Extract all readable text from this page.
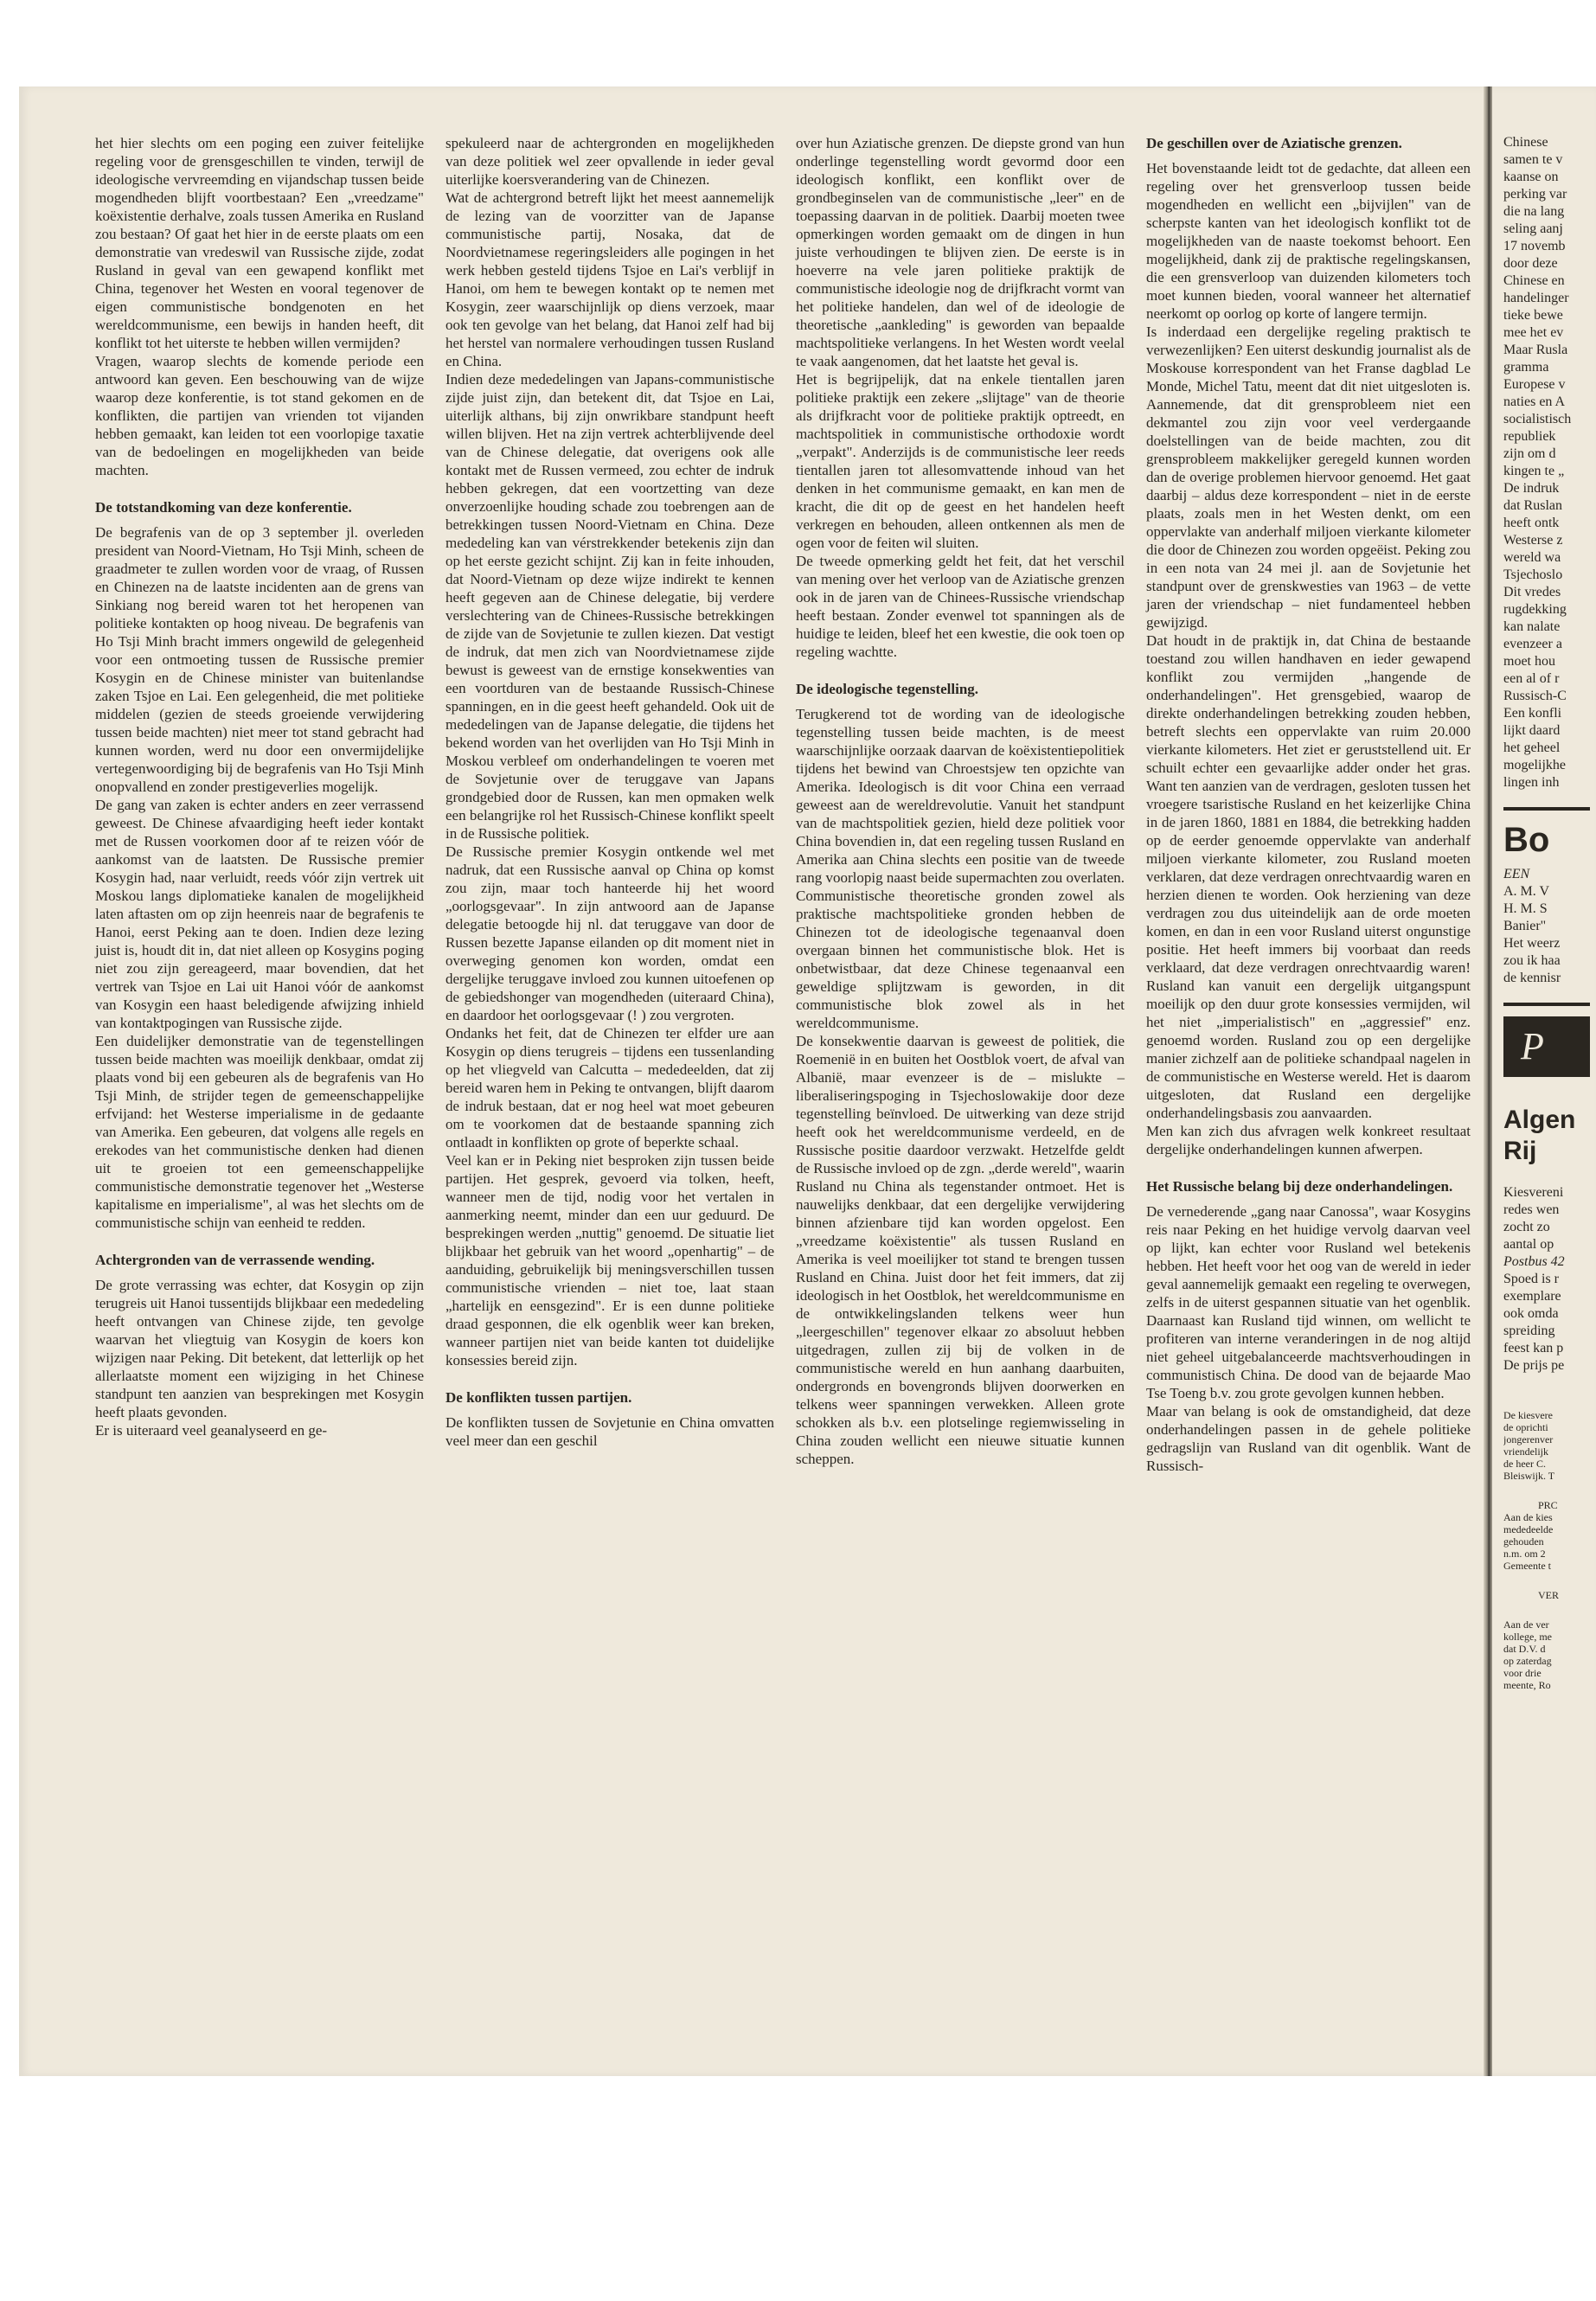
het hier slechts om een poging een zuiver feitelijke regeling voor de grensgeschillen te vinden, terwijl de ideologische vervreemding en vijandschap tussen beide mogendheden blijft voortbestaan? Een „vreedzame" koëxistentie derhalve, zoals tussen Amerika en Rusland zou bestaan? Of gaat het hier in de eerste plaats om een demonstratie van vredeswil van Russische zijde, zodat Rusland in geval van een gewapend konflikt met China, tegenover het Westen en vooral tegenover de eigen communistische bondgenoten en het wereldcommunisme, een bewijs in handen heeft, dit konflikt tot het uiterste te hebben willen vermijden?

Vragen, waarop slechts de komende periode een antwoord kan geven. Een beschouwing van de wijze waarop deze konferentie, is tot stand gekomen en de konflikten, die partijen van vrienden tot vijanden hebben gemaakt, kan leiden tot een voorlopige taxatie van de bedoelingen en mogelijkheden van beide machten.

De totstandkoming van deze konferentie.

De begrafenis van de op 3 september jl. overleden president van Noord-Vietnam, Ho Tsji Minh, scheen de graadmeter te zullen worden voor de vraag, of Russen en Chinezen na de laatste incidenten aan de grens van Sinkiang nog bereid waren tot het heropenen van politieke kontakten op hoog niveau. De begrafenis van Ho Tsji Minh bracht immers ongewild de gelegenheid voor een ontmoeting tussen de Russische premier Kosygin en de Chinese minister van buitenlandse zaken Tsjoe en Lai. Een gelegenheid, die met politieke middelen (gezien de steeds groeiende verwijdering tussen beide machten) niet meer tot stand gebracht had kunnen worden, werd nu door een onvermijdelijke vertegenwoordiging bij de begrafenis van Ho Tsji Minh onopvallend en zonder prestigeverlies mogelijk.

De gang van zaken is echter anders en zeer verrassend geweest. De Chinese afvaardiging heeft ieder kontakt met de Russen voorkomen door af te reizen vóór de aankomst van de laatsten. De Russische premier Kosygin had, naar verluidt, reeds vóór zijn vertrek uit Moskou langs diplomatieke kanalen de mogelijkheid laten aftasten om op zijn heenreis naar de begrafenis te Hanoi, eerst Peking aan te doen. Indien deze lezing juist is, houdt dit in, dat niet alleen op Kosygins poging niet zou zijn gereageerd, maar bovendien, dat het vertrek van Tsjoe en Lai uit Hanoi vóór de aankomst van Kosygin een haast beledigende afwijzing inhield van kontaktpogingen van Russische zijde.

Een duidelijker demonstratie van de tegenstellingen tussen beide machten was moeilijk denkbaar, omdat zij plaats vond bij een gebeuren als de begrafenis van Ho Tsji Minh, de strijder tegen de gemeenschappelijke erfvijand: het Westerse imperialisme in de gedaante van Amerika. Een gebeuren, dat volgens alle regels en erekodes van het communistische denken had dienen uit te groeien tot een gemeenschappelijke communistische demonstratie tegenover het „Westerse kapitalisme en imperialisme", al was het slechts om de communistische schijn van eenheid te redden.

Achtergronden van de verrassende wending.

De grote verrassing was echter, dat Kosygin op zijn terugreis uit Hanoi tussentijds blijkbaar een mededeling heeft ontvangen van Chinese zijde, ten gevolge waarvan het vliegtuig van Kosygin de koers kon wijzigen naar Peking. Dit betekent, dat letterlijk op het allerlaatste moment een wijziging in het Chinese standpunt ten aanzien van besprekingen met Kosygin heeft plaats gevonden.

Er is uiteraard veel geanalyseerd en ge-

spekuleerd naar de achtergronden en mogelijkheden van deze politiek wel zeer opvallende in ieder geval uiterlijke koersverandering van de Chinezen.

Wat de achtergrond betreft lijkt het meest aannemelijk de lezing van de voorzitter van de Japanse communistische partij, Nosaka, dat de Noordvietnamese regeringsleiders alle pogingen in het werk hebben gesteld tijdens Tsjoe en Lai's verblijf in Hanoi, om hem te bewegen kontakt op te nemen met Kosygin, zeer waarschijnlijk op diens verzoek, maar ook ten gevolge van het belang, dat Hanoi zelf had bij het herstel van normalere verhoudingen tussen Rusland en China.

Indien deze mededelingen van Japans-communistische zijde juist zijn, dan betekent dit, dat Tsjoe en Lai, uiterlijk althans, bij zijn onwrikbare standpunt heeft willen blijven. Het na zijn vertrek achterblijvende deel van de Chinese delegatie, dat overigens ook alle kontakt met de Russen vermeed, zou echter de indruk hebben gekregen, dat een voortzetting van deze onverzoenlijke houding schade zou toebrengen aan de betrekkingen tussen Noord-Vietnam en China. Deze mededeling kan van vérstrekkender betekenis zijn dan op het eerste gezicht schijnt. Zij kan in feite inhouden, dat Noord-Vietnam op deze wijze indirekt te kennen heeft gegeven aan de Chinese delegatie, bij verdere verslechtering van de Chinees-Russische betrekkingen de zijde van de Sovjetunie te zullen kiezen. Dat vestigt de indruk, dat men zich van Noordvietnamese zijde bewust is geweest van de ernstige konsekwenties van een voortduren van de bestaande Russisch-Chinese spanningen, en in die geest heeft gehandeld. Ook uit de mededelingen van de Japanse delegatie, die tijdens het bekend worden van het overlijden van Ho Tsji Minh in Moskou verbleef om onderhandelingen te voeren met de Sovjetunie over de teruggave van Japans grondgebied door de Russen, kan men opmaken welk een belangrijke rol het Russisch-Chinese konflikt speelt in de Russische politiek.

De Russische premier Kosygin ontkende wel met nadruk, dat een Russische aanval op China op komst zou zijn, maar toch hanteerde hij het woord „oorlogsgevaar". In zijn antwoord aan de Japanse delegatie betoogde hij nl. dat teruggave van door de Russen bezette Japanse eilanden op dit moment niet in overweging genomen kon worden, omdat een dergelijke teruggave invloed zou kunnen uitoefenen op de gebiedshonger van mogendheden (uiteraard China), en daardoor het oorlogsgevaar (! ) zou vergroten.

Ondanks het feit, dat de Chinezen ter elfder ure aan Kosygin op diens terugreis – tijdens een tussenlanding op het vliegveld van Calcutta – mededeelden, dat zij bereid waren hem in Peking te ontvangen, blijft daarom de indruk bestaan, dat er nog heel wat moet gebeuren om te voorkomen dat de bestaande spanning zich ontlaadt in konflikten op grote of beperkte schaal.

Veel kan er in Peking niet besproken zijn tussen beide partijen. Het gesprek, gevoerd via tolken, heeft, wanneer men de tijd, nodig voor het vertalen in aanmerking neemt, minder dan een uur geduurd. De besprekingen werden „nuttig" genoemd. De situatie liet blijkbaar het gebruik van het woord „openhartig" – de aanduiding, gebruikelijk bij meningsverschillen tussen communistische vrienden – niet toe, laat staan „hartelijk en eensgezind". Er is een dunne politieke draad gesponnen, die elk ogenblik weer kan breken, wanneer partijen niet van beide kanten tot duidelijke konsessies bereid zijn.

De konflikten tussen partijen.

De konflikten tussen de Sovjetunie en China omvatten veel meer dan een geschil

over hun Aziatische grenzen. De diepste grond van hun onderlinge tegenstelling wordt gevormd door een ideologisch konflikt, een konflikt over de grondbeginselen van de communistische „leer" en de toepassing daarvan in de politiek. Daarbij moeten twee opmerkingen worden gemaakt om de dingen in hun juiste verhoudingen te blijven zien. De eerste is in hoeverre na vele jaren politieke praktijk de communistische ideologie nog de drijfkracht vormt van het politieke handelen, dan wel of de ideologie de theoretische „aankleding" is geworden van bepaalde machtspolitieke verlangens. In het Westen wordt veelal te vaak aangenomen, dat het laatste het geval is.

Het is begrijpelijk, dat na enkele tientallen jaren politieke praktijk een zekere „slijtage" van de theorie als drijfkracht voor de politieke praktijk optreedt, en machtspolitiek in communistische orthodoxie wordt „verpakt". Anderzijds is de communistische leer reeds tientallen jaren tot allesomvattende inhoud van het denken in het communisme gemaakt, en kan men de kracht, die dit op de geest en het handelen heeft verkregen en behouden, alleen ontkennen als men de ogen voor de feiten wil sluiten.

De tweede opmerking geldt het feit, dat het verschil van mening over het verloop van de Aziatische grenzen ook in de jaren van de Chinees-Russische vriendschap heeft bestaan. Zonder evenwel tot spanningen als de huidige te leiden, bleef het een kwestie, die ook toen op regeling wachtte.

De ideologische tegenstelling.

Terugkerend tot de wording van de ideologische tegenstelling tussen beide machten, is de meest waarschijnlijke oorzaak daarvan de koëxistentiepolitiek tijdens het bewind van Chroestsjew ten opzichte van Amerika. Ideologisch is dit voor China een verraad geweest aan de wereldrevolutie. Vanuit het standpunt van de machtspolitiek gezien, hield deze politiek voor China bovendien in, dat een regeling tussen Rusland en Amerika aan China slechts een positie van de tweede rang voorlopig naast beide supermachten zou overlaten.

Communistische theoretische gronden zowel als praktische machtspolitieke gronden hebben de Chinezen tot de ideologische tegenaanval doen overgaan binnen het communistische blok. Het is onbetwistbaar, dat deze Chinese tegenaanval een geweldige splijtzwam is geworden, in dit communistische blok zowel als in het wereldcommunisme.

De konsekwentie daarvan is geweest de politiek, die Roemenië in en buiten het Oostblok voert, de afval van Albanië, maar evenzeer is de – mislukte – liberaliseringspoging in Tsjechoslowakije door deze tegenstelling beïnvloed. De uitwerking van deze strijd heeft ook het wereldcommunisme verdeeld, en de Russische positie daardoor verzwakt. Hetzelfde geldt de Russische invloed op de zgn. „derde wereld", waarin Rusland nu China als tegenstander ontmoet. Het is nauwelijks denkbaar, dat een dergelijke verwijdering binnen afzienbare tijd kan worden opgelost. Een „vreedzame koëxistentie" als tussen Rusland en Amerika is veel moeilijker tot stand te brengen tussen Rusland en China. Juist door het feit immers, dat zij ideologisch in het Oostblok, het wereldcommunisme en de ontwikkelingslanden telkens weer hun „leergeschillen" tegenover elkaar zo absoluut hebben uitgedragen, zullen zij bij de volken in de communistische wereld en hun aanhang daarbuiten, ondergronds en bovengronds blijven doorwerken en telkens weer spanningen verwekken. Alleen grote schokken als b.v. een plotselinge regiemwisseling in China zouden wellicht een nieuwe situatie kunnen scheppen.

De geschillen over de Aziatische grenzen.

Het bovenstaande leidt tot de gedachte, dat alleen een regeling over het grensverloop tussen beide mogendheden en wellicht een „bijvijlen" van de scherpste kanten van het ideologisch konflikt tot de mogelijkheden van de naaste toekomst behoort. Een mogelijkheid, dank zij de praktische regelingskansen, die een grensverloop van duizenden kilometers toch moet kunnen bieden, vooral wanneer het alternatief neerkomt op oorlog op korte of langere termijn.

Is inderdaad een dergelijke regeling praktisch te verwezenlijken? Een uiterst deskundig journalist als de Moskouse korrespondent van het Franse dagblad Le Monde, Michel Tatu, meent dat dit niet uitgesloten is. Aannemende, dat dit grensprobleem niet een dekmantel zou zijn voor veel verdergaande doelstellingen van de beide machten, zou dit grensprobleem makkelijker geregeld kunnen worden dan de overige problemen hiervoor genoemd. Het gaat daarbij – aldus deze korrespondent – niet in de eerste plaats, zoals men in het Westen denkt, om een oppervlakte van anderhalf miljoen vierkante kilometer die door de Chinezen zou worden opgeëist. Peking zou in een nota van 24 mei jl. aan de Sovjetunie het standpunt over de grenskwesties van 1963 – de vette jaren der vriendschap – niet fundamenteel hebben gewijzigd.

Dat houdt in de praktijk in, dat China de bestaande toestand zou willen handhaven en ieder gewapend konflikt zou vermijden „hangende de onderhandelingen". Het grensgebied, waarop de direkte onderhandelingen betrekking zouden hebben, betreft slechts een oppervlakte van ruim 20.000 vierkante kilometers. Het ziet er geruststellend uit. Er schuilt echter een gevaarlijke adder onder het gras. Want ten aanzien van de verdragen, gesloten tussen het vroegere tsaristische Rusland en het keizerlijke China in de jaren 1860, 1881 en 1884, die betrekking hadden op de eerder genoemde oppervlakte van anderhalf miljoen vierkante kilometer, zou Rusland moeten verklaren, dat deze verdragen onrechtvaardig waren en herzien dienen te worden. Ook herziening van deze verdragen zou dus uiteindelijk aan de orde moeten komen, en dan in een voor Rusland uiterst ongunstige positie. Het heeft immers bij voorbaat dan reeds verklaard, dat deze verdragen onrechtvaardig waren! Rusland kan vanuit een dergelijk uitgangspunt moeilijk op den duur grote konsessies vermijden, wil het niet „imperialistisch" en „aggressief" enz. genoemd worden. Rusland zou op een dergelijke manier zichzelf aan de politieke schandpaal nagelen in de communistische en Westerse wereld. Het is daarom uitgesloten, dat Rusland een dergelijke onderhandelingsbasis zou aanvaarden.

Men kan zich dus afvragen welk konkreet resultaat dergelijke onderhandelingen kunnen afwerpen.

Het Russische belang bij deze onderhandelingen.

De vernederende „gang naar Canossa", waar Kosygins reis naar Peking en het huidige vervolg daarvan veel op lijkt, kan echter voor Rusland wel betekenis hebben. Het heeft voor het oog van de wereld in ieder geval aannemelijk gemaakt een regeling te overwegen, zelfs in de uiterst gespannen situatie van het ogenblik. Daarnaast kan Rusland tijd winnen, om wellicht te profiteren van interne veranderingen in de nog altijd niet geheel uitgebalanceerde machtsverhoudingen in communistisch China. De dood van de bejaarde Mao Tse Toeng b.v. zou grote gevolgen kunnen hebben.

Maar van belang is ook de omstandigheid, dat deze onderhandelingen passen in de gehele politieke gedragslijn van Rusland van dit ogenblik. Want de Russisch-

Chinese
samen te v
kaanse on
perking var
die na lang
seling aanj
17 novemb
door deze
Chinese en
handelinger
tieke bewe
mee het ev
Maar Rusla
gramma
Europese v
naties en A
socialistisch
republiek
zijn om d
kingen te „
De indruk
dat Ruslan
heeft ontk
Westerse z
wereld wa
Tsjechoslo
Dit vredes
rugdekking
kan nalate
evenzeer a
moet hou
een al of r
Russisch-C
Een konfli
lijkt daard
het geheel
mogelijkhe
lingen inh
Bo
EEN
A. M. V
H. M. S
Banier"
Het weerz
zou ik haa
de kennisr
P
Algen
Rij
Kiesvereni
redes wen
zocht zo
aantal op
Postbus 42
Spoed is r
exemplare
ook omda
spreiding
feest kan p
De prijs pe
De kiesvere
de oprichti
jongerenver
vriendelijk
de heer C.
Bleiswijk. T
PRC
Aan de kies
mededeelde
gehouden
n.m. om 2
Gemeente t
VER
Aan de ver
kollege, me
dat D.V. d
op zaterdag
voor drie
meente, Ro
